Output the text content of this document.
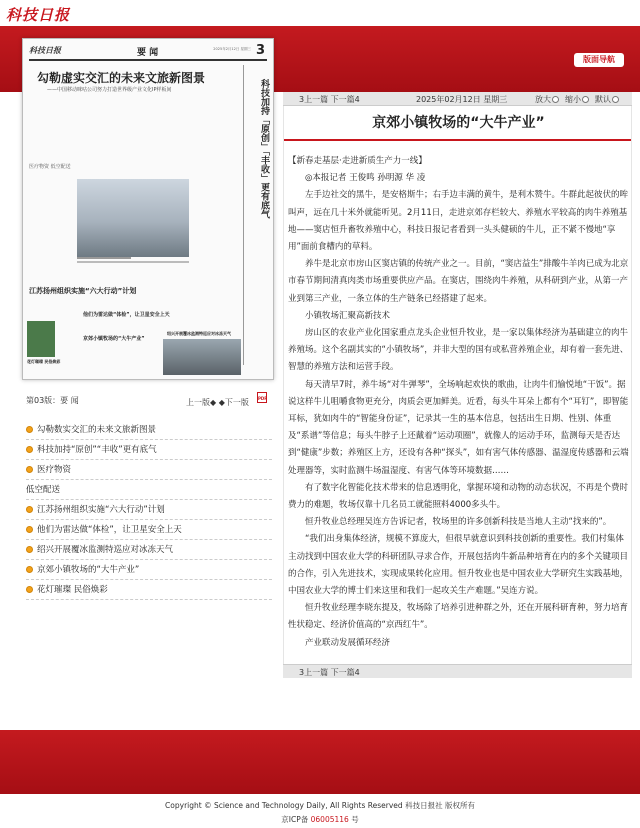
科技日报
版面导航
科技日报	要 闻	2025年2月12日 星期三 3
勾勒虚实交汇的未来文旅新图景
——中国移动咪咕公司努力打造世界级产业文化IP样板间	科技加持「原创」「丰收」更有底气
医疗物资 低空配送
江苏扬州组织实施“六大行动”计划
他们为雷达做“体检”，让卫星安全上天
京郊小镇牧场的“大牛产业”
绍兴开展覆冰监测特巡应对冰冻天气
花灯璀璨 民俗焕彩
第03版：要 闻	上一版◆ ◆下一版 PDF
勾勒数实交汇的未来文旅新图景
科技加持“原创”“丰收”更有底气
医疗物资
低空配送
江苏扬州组织实施“六大行动”计划
他们为雷达做“体检”，让卫星安全上天
绍兴开展覆冰监测特巡应对冰冻天气
京郊小镇牧场的“大牛产业”
花灯璀璨 民俗焕彩
3上一篇 下一篇4	2025年02月12日 星期三	放大	缩小	默认
京郊小镇牧场的“大牛产业”

【新春走基层·走进新质生产力一线】

◎本报记者 王俊鸣 孙明源 华 凌

左手边社交的黑牛，是安格斯牛；右手边丰满的黄牛，是利木赞牛。牛群此起彼伏的哞叫声，远在几十米外就能听见。2月11日，走进京郊存栏较大、养殖水平较高的肉牛养殖基地——窦店恒升畜牧养殖中心，科技日报记者看到一头头健硕的牛儿，正不紧不慢地“享用”面前食槽内的草料。

养牛是北京市房山区窦店镇的传统产业之一。目前，“窦店益生”排酸牛羊肉已成为北京市春节期间清真肉类市场重要供应产品。在窦店，围绕肉牛养殖，从科研到产业，从第一产业到第三产业，一条立体的生产链条已经搭建了起来。

小镇牧场汇聚高新技术

房山区的农业产业化国家重点龙头企业恒升牧业，是一家以集体经济为基础建立的肉牛养殖场。这个名副其实的“小镇牧场”，并非大型的国有或私营养殖企业，却有着一套先进、智慧的养殖方法和运营手段。

每天清早7时，养牛场“对牛弹琴”，全场响起欢快的歌曲，让肉牛们愉悦地“干饭”。据说这样牛儿咀嚼食物更充分，肉质会更加鲜美。近看，每头牛耳朵上都有个“耳钉”，即智能耳标，犹如肉牛的“智能身份证”，记录其一生的基本信息，包括出生日期、性别、体重及“系谱”等信息；每头牛脖子上还戴着“运动项圈”，就像人的运动手环，监测每天是否达到“健康”步数；养殖区上方，还设有各种“探头”，如有害气体传感器、温湿度传感器和云端处理器等，实时监测牛场温湿度、有害气体等环境数据……

有了数字化智能化技术带来的信息透明化，掌握环境和动物的动态状况，不再是个费时费力的难题，牧场仅靠十几名员工就能照料4000多头牛。

恒升牧业总经理吴连方告诉记者，牧场里的许多创新科技是当地人主动“找来的”。

“我们出身集体经济，规模不算庞大，但很早就意识到科技创新的重要性。我们村集体主动找到中国农业大学的科研团队寻求合作，开展包括肉牛新品种培育在内的多个关键项目的合作，引入先进技术，实现成果转化应用。恒升牧业也是中国农业大学研究生实践基地，中国农业大学的博士们来这里和我们一起攻关生产难题。”吴连方说。

恒升牧业经理李晓东提及，牧场除了培养引进种群之外，还在开展科研育种，努力培育性状稳定、经济价值高的“京西红牛”。

产业联动发展循环经济

3上一篇 下一篇4
Copyright © Science and Technology Daily, All Rights Reserved 科技日报社 版权所有
京ICP备 06005116 号
